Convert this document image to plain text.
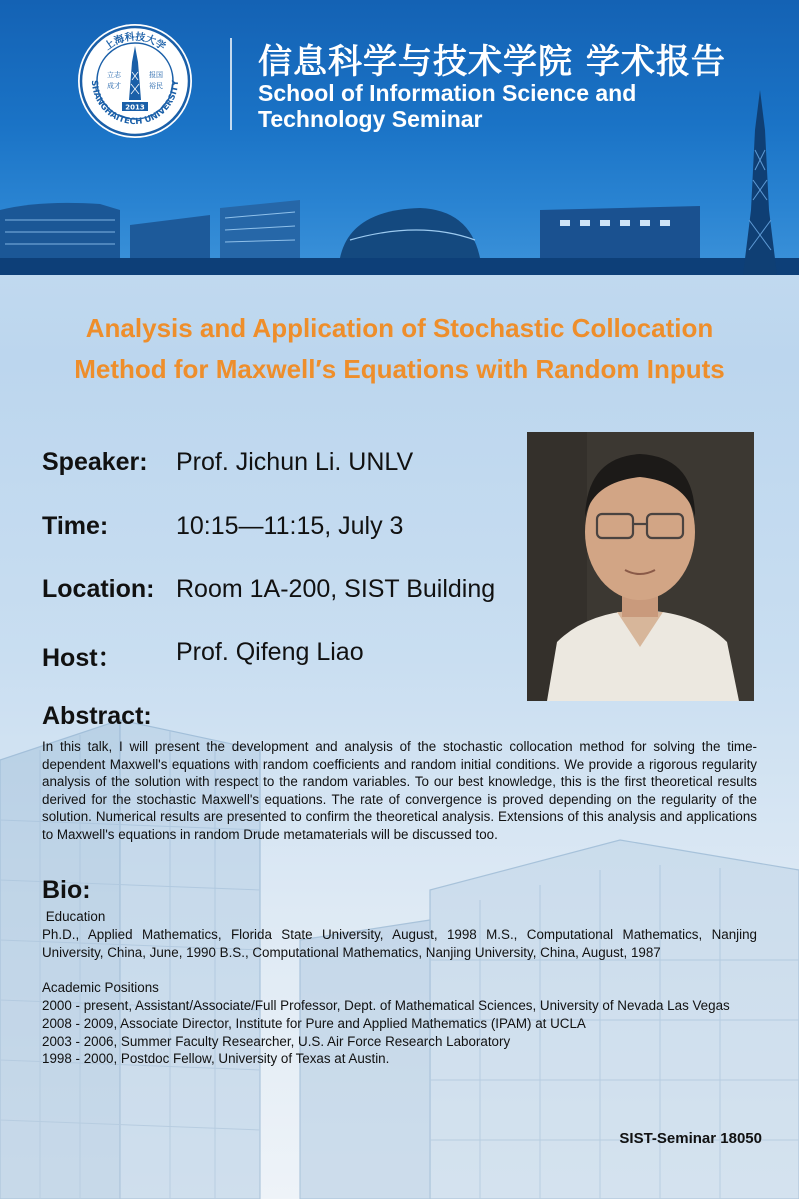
SHANGHAITECH UNIVERSITY
上海科技大学
立志
成才
报国
裕民
2013
信息科学与技术学院 学术报告
School of Information Science and
Technology Seminar
Analysis and Application of Stochastic Collocation
Method for Maxwell′s Equations with Random Inputs
Speaker: Prof. Jichun Li. UNLV
Time:	10:15—11:15, July 3
Location: Room 1A-200, SIST Building
Host： Prof. Qifeng Liao
Abstract:
In this talk, I will present the development and analysis of the stochastic collocation method for solving the time-dependent Maxwell's equations with random coefficients and random initial conditions. We provide a rigorous regularity analysis of the solution with respect to the random variables. To our best knowledge, this is the first theoretical results derived for the stochastic Maxwell's equations. The rate of convergence is proved depending on the regularity of the solution. Numerical results are presented to confirm the theoretical analysis. Extensions of this analysis and applications to Maxwell's equations in random Drude metamaterials will be discussed too.
Bio:

Education

Ph.D., Applied Mathematics, Florida State University, August, 1998 M.S., Computational Mathematics, Nanjing University, China, June, 1990 B.S., Computational Mathematics, Nanjing University, China, August, 1987

Academic Positions

2000 - present, Assistant/Associate/Full Professor, Dept. of Mathematical Sciences, University of Nevada Las Vegas

2008 - 2009, Associate Director, Institute for Pure and Applied Mathematics (IPAM) at UCLA

2003 - 2006, Summer Faculty Researcher, U.S. Air Force Research Laboratory

1998 - 2000, Postdoc Fellow, University of Texas at Austin.

SIST-Seminar 18050
